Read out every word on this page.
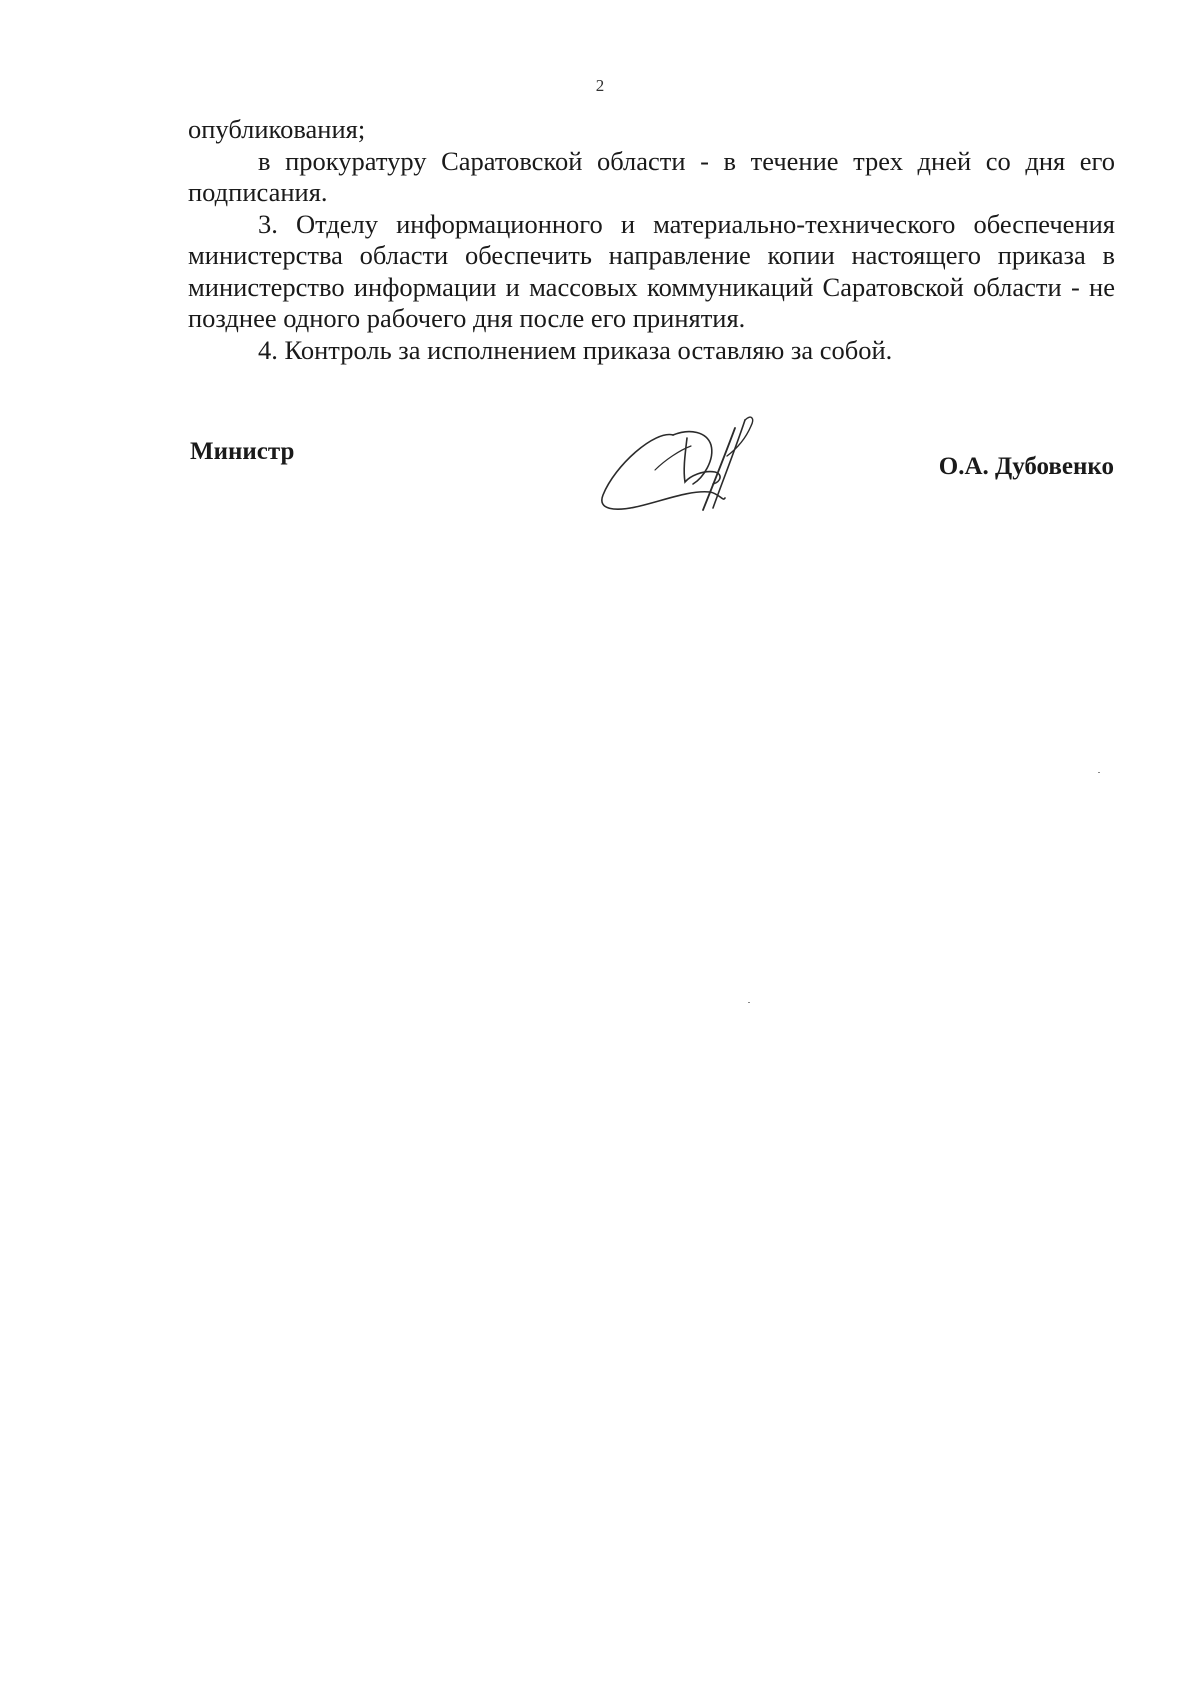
2

опубликования;

в прокуратуру Саратовской области - в течение трех дней со дня его подписания.

3. Отделу информационного и материально-технического обеспечения министерства области обеспечить направление копии настоящего приказа в министерство информации и массовых коммуникаций Саратовской области - не позднее одного рабочего дня после его принятия.

4. Контроль за исполнением приказа оставляю за собой.

Министр
О.А. Дубовенко
